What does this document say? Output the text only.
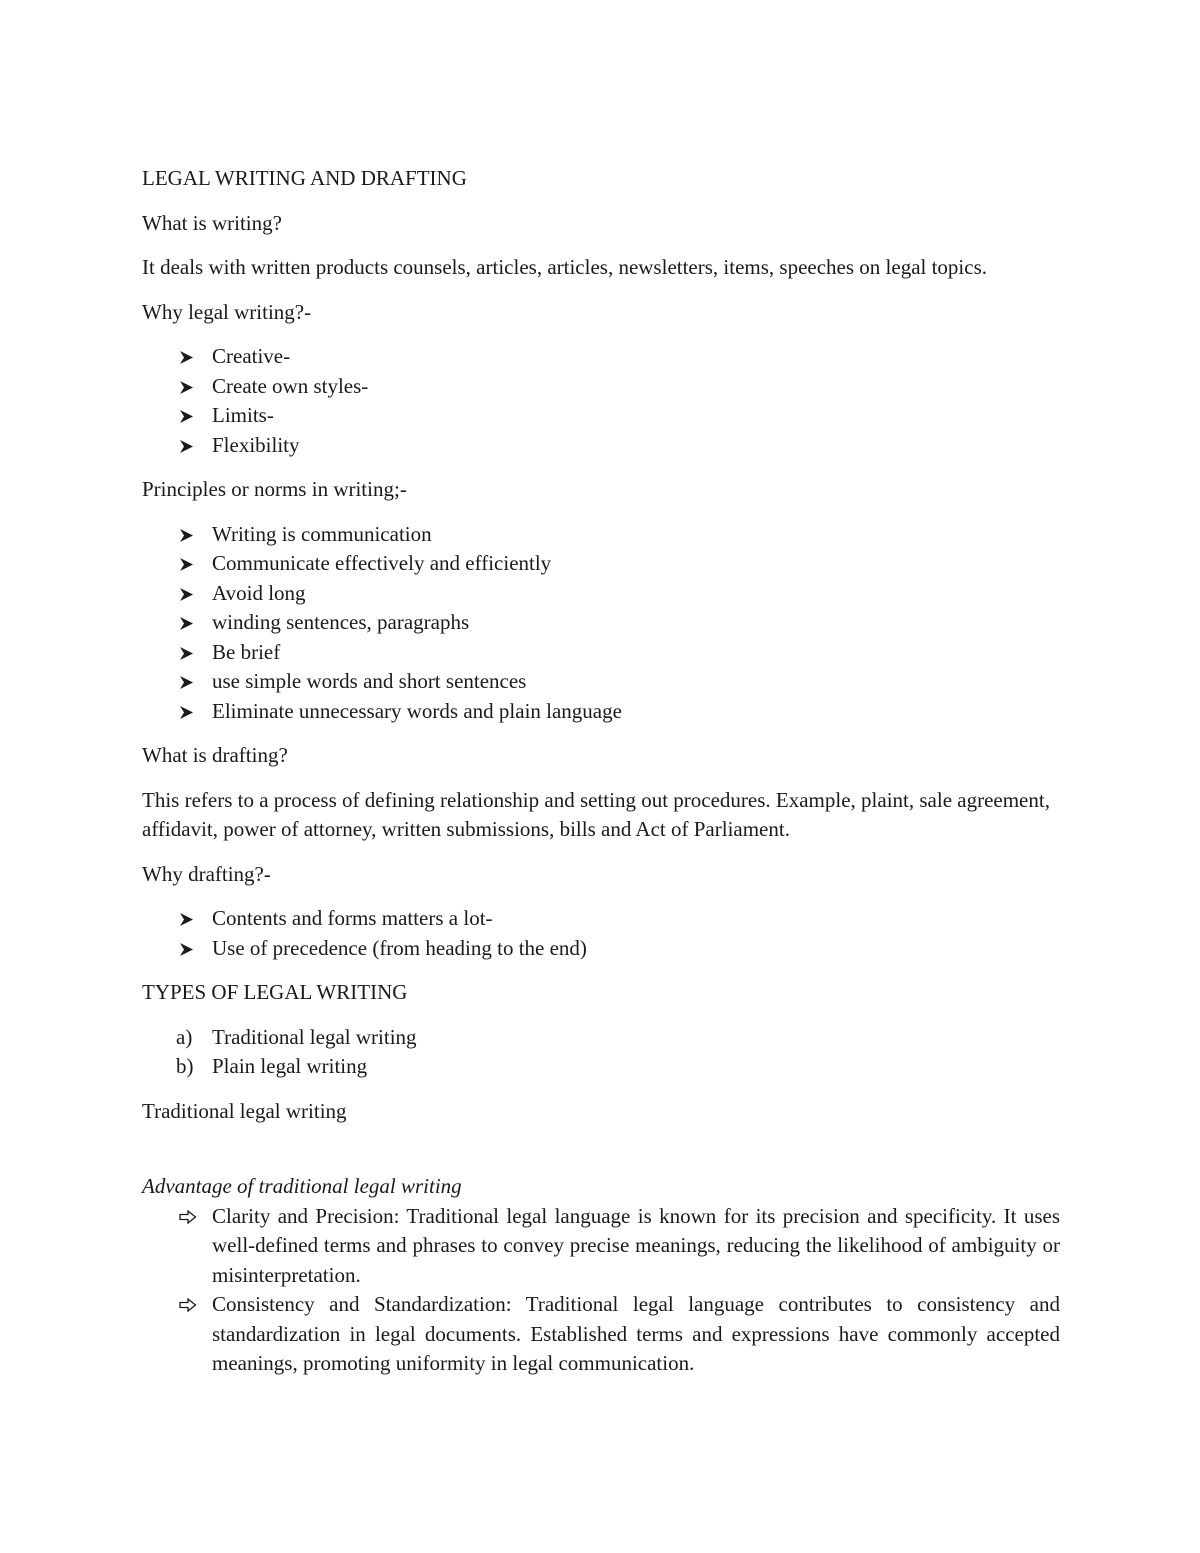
LEGAL WRITING AND DRAFTING

What is writing?

It deals with written products counsels, articles, articles, newsletters, items, speeches on legal topics.

Why legal writing?-

Creative-
Create own styles-
Limits-
Flexibility

Principles or norms in writing;-

Writing is communication
Communicate effectively and efficiently
Avoid long
winding sentences, paragraphs
Be brief
use simple words and short sentences
Eliminate unnecessary words and plain language

What is drafting?

This refers to a process of defining relationship and setting out procedures. Example, plaint, sale agreement, affidavit, power of attorney, written submissions, bills and Act of Parliament.

Why drafting?-

Contents and forms matters a lot-
Use of precedence (from heading to the end)

TYPES OF LEGAL WRITING

a) Traditional legal writing
b) Plain legal writing

Traditional legal writing

Advantage of traditional legal writing

Clarity and Precision: Traditional legal language is known for its precision and specificity. It uses well-defined terms and phrases to convey precise meanings, reducing the likelihood of ambiguity or misinterpretation.
Consistency and Standardization: Traditional legal language contributes to consistency and standardization in legal documents. Established terms and expressions have commonly accepted meanings, promoting uniformity in legal communication.
